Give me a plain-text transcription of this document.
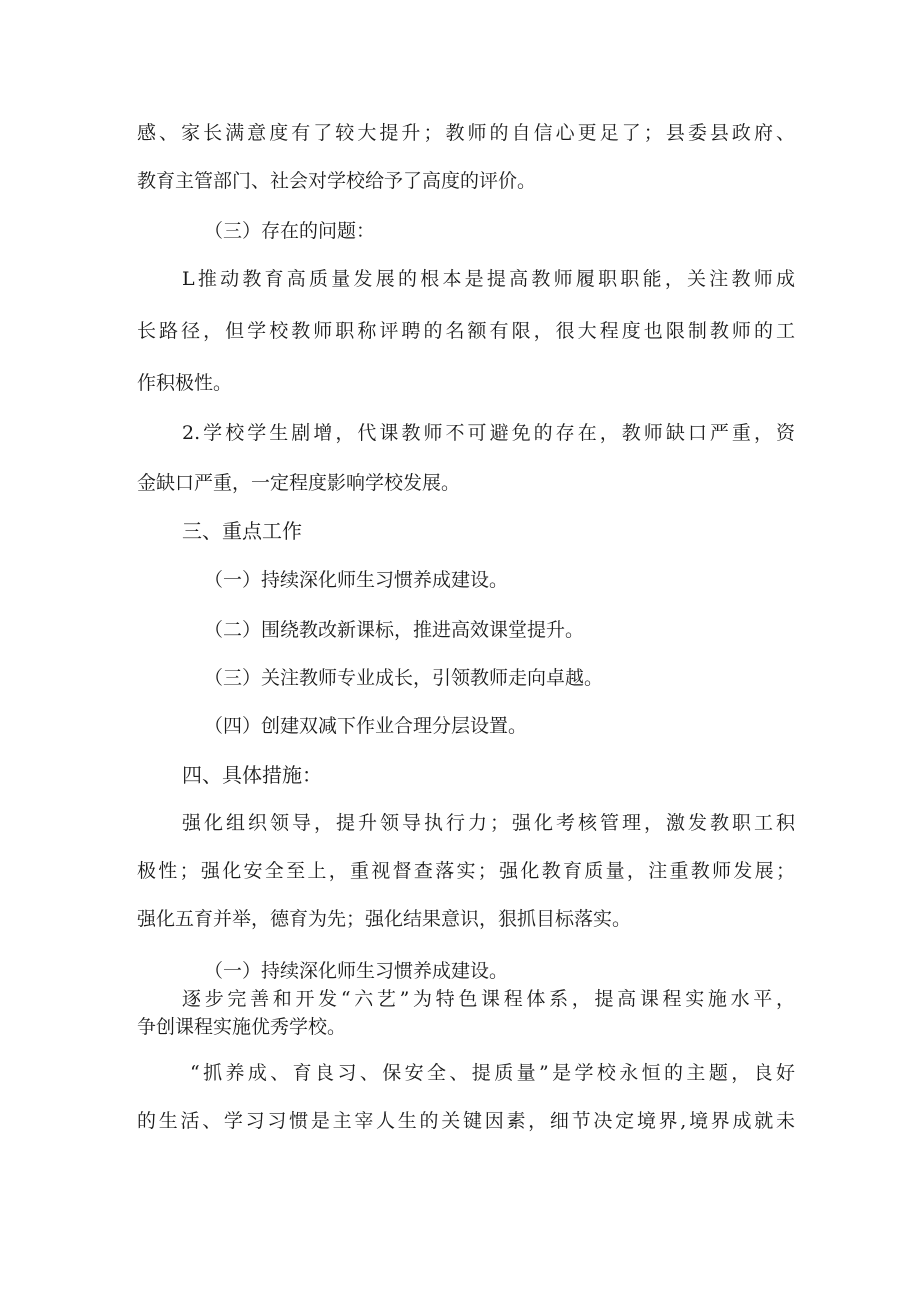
感、家长满意度有了较大提升；教师的自信心更足了；县委县政府、

教育主管部门、社会对学校给予了高度的评价。

（三）存在的问题：

L推动教育高质量发展的根本是提高教师履职职能，关注教师成

长路径，但学校教师职称评聘的名额有限，很大程度也限制教师的工

作积极性。

2.学校学生剧增，代课教师不可避免的存在，教师缺口严重，资

金缺口严重，一定程度影响学校发展。

三、重点工作

（一）持续深化师生习惯养成建设。

（二）围绕教改新课标，推进高效课堂提升。

（三）关注教师专业成长，引领教师走向卓越。

（四）创建双减下作业合理分层设置。

四、具体措施：

强化组织领导，提升领导执行力；强化考核管理，激发教职工积

极性；强化安全至上，重视督查落实；强化教育质量，注重教师发展；

强化五育并举，德育为先；强化结果意识，狠抓目标落实。

（一）持续深化师生习惯养成建设。

逐步完善和开发“六艺”为特色课程体系，提高课程实施水平，

争创课程实施优秀学校。

“抓养成、育良习、保安全、提质量”是学校永恒的主题，良好

的生活、学习习惯是主宰人生的关键因素，细节决定境界,境界成就未
